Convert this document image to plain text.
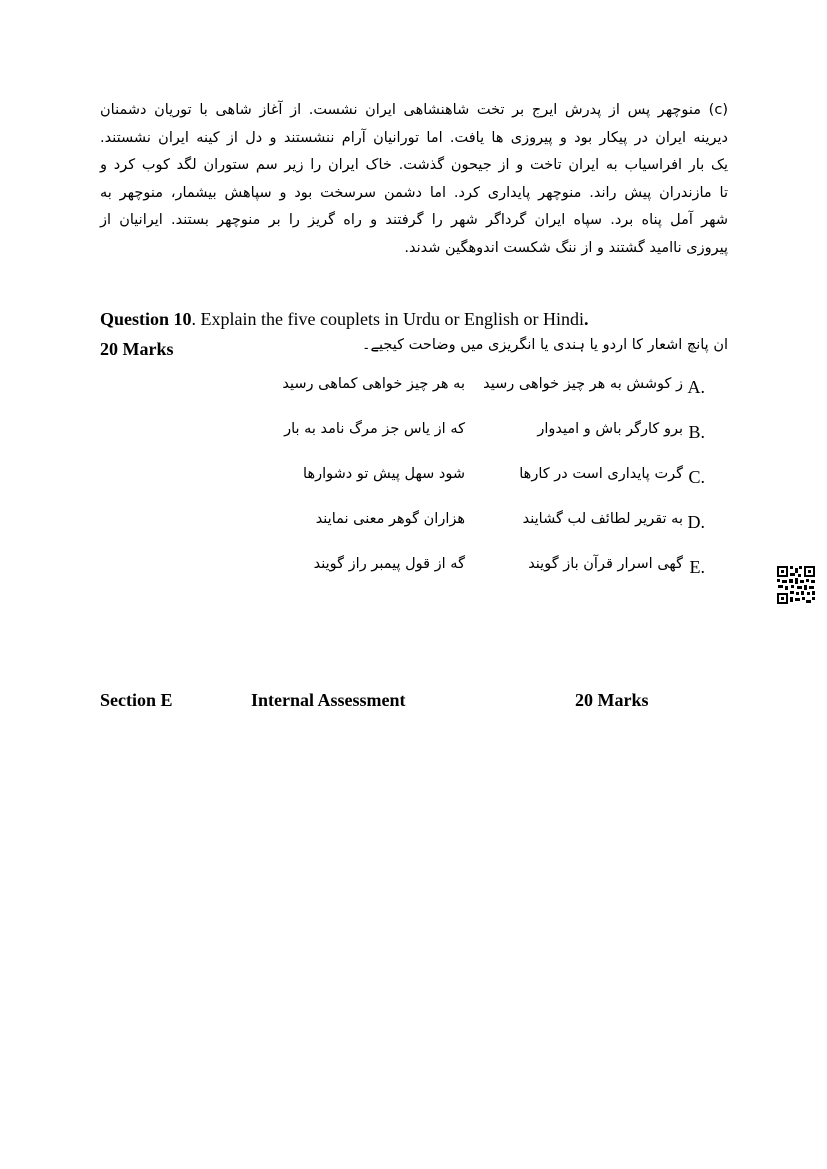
(c) منوچهر پس از پدرش ایرج بر تخت شاهنشاهی ایران نشست. از آغاز شاهی با توریان دشمنان
دیرینه ایران در پیکار بود و پیروزی ها یافت. اما تورانیان آرام ننشستند و دل از کینه ایران نشستند.
یک بار افراسیاب به ایران تاخت و از جیحون گذشت. خاک ایران را زیر سم ستوران لگد کوب کرد و
تا مازندران پیش راند. منوچهر پایداری کرد. اما دشمن سرسخت بود و سپاهش بیشمار، منوچهر به
شهر آمل پناه برد. سپاه ایران گرداگر شهر را گرفتند و راه گریز را بر منوچهر بستند. ایرانیان از
پیروزی ناامید گشتند و از ننگ شکست اندوهگین شدند.
Question 10. Explain the five couplets in Urdu or English or Hindi.
20 Marks	ان پانچ اشعار کا اردو یا ہندی یا انگریزی میں وضاحت کیجیے۔
A.
ز کوشش به هر چیز خواهی رسید
به هر چیز خواهی کماهی رسید
B.
برو کارگر باش و امیدوار
که از یاس جز مرگ نامد به بار
C.
گرت پایداری است در کارها
شود سهل پیش تو دشوارها
D.
به تقریر لطائف لب گشایند
هزاران گوهر معنی نمایند
E.
گهی اسرار قرآن باز گویند
گه از قول پیمبر راز گویند
Section E	Internal Assessment	20 Marks
